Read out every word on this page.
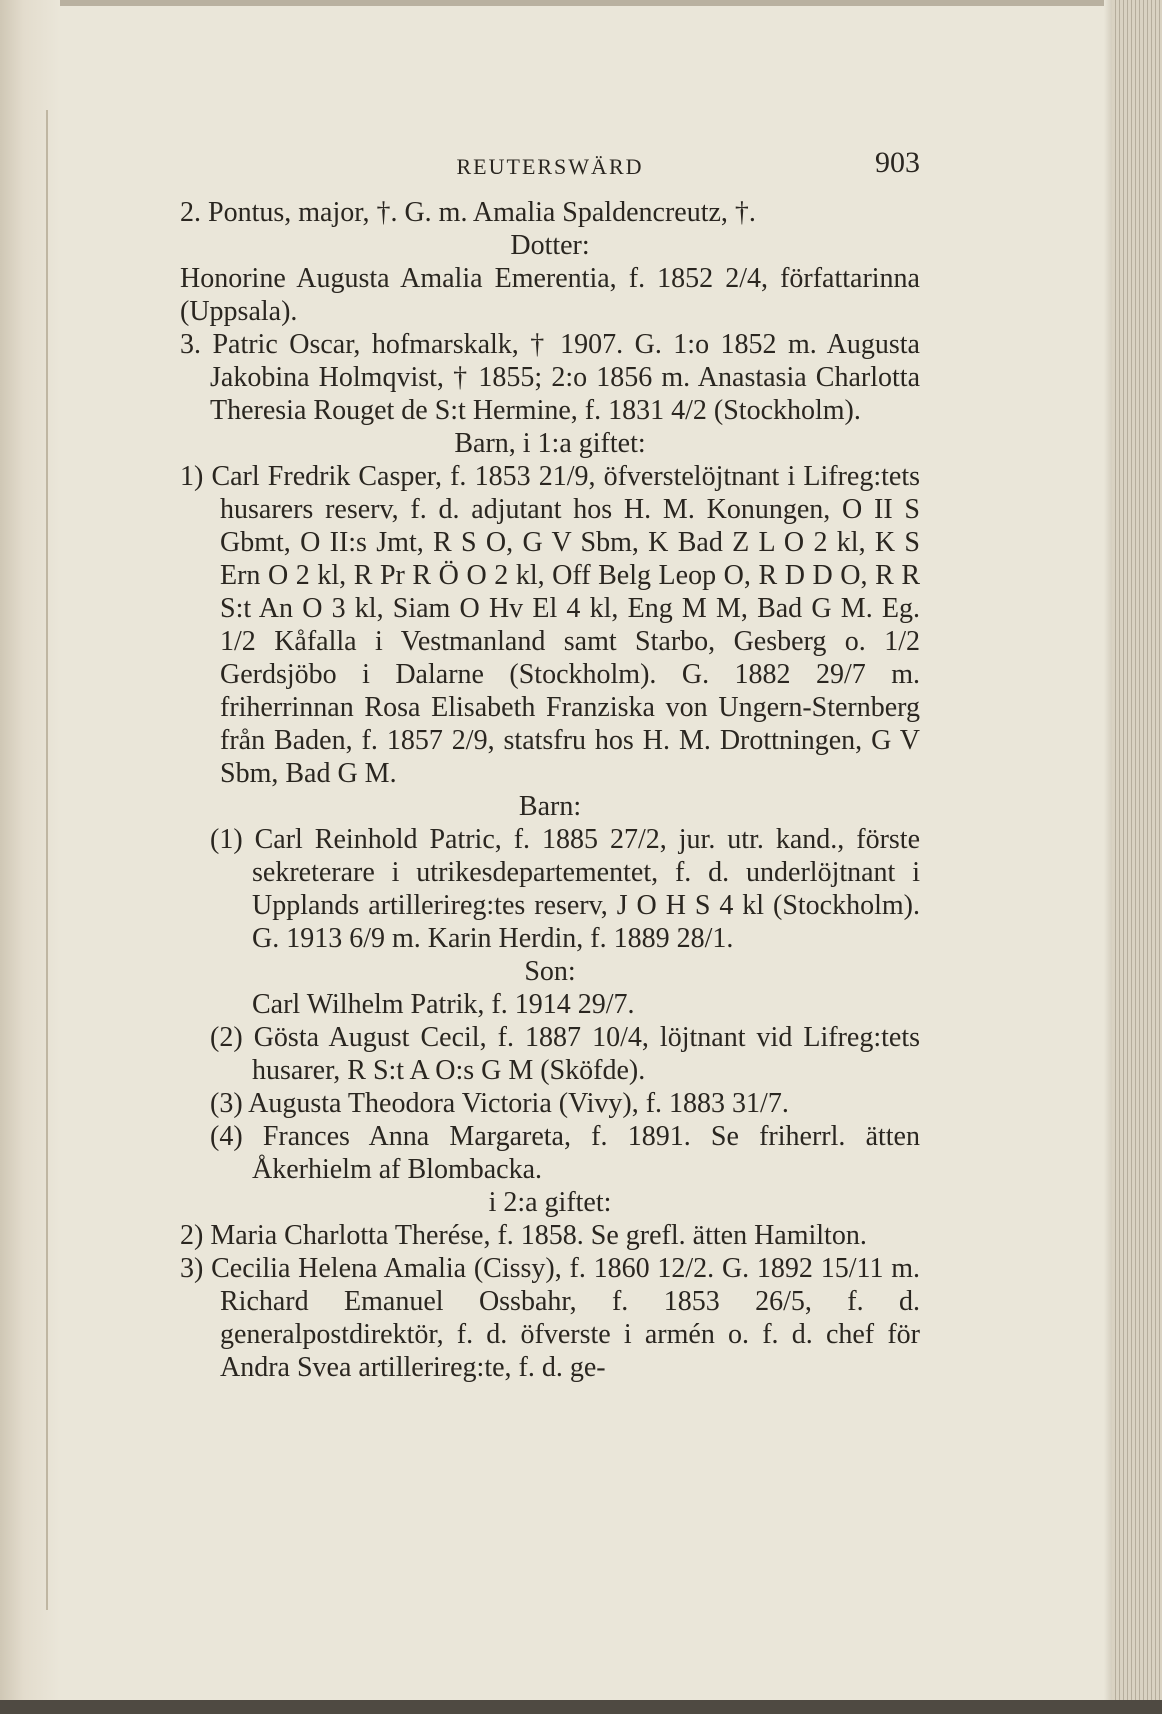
REUTERSWÄRD	903
2. Pontus, major, †. G. m. Amalia Spaldencreutz, †.
Dotter:
Honorine Augusta Amalia Emerentia, f. 1852 2/4, författarinna (Uppsala).
3. Patric Oscar, hofmarskalk, † 1907. G. 1:o 1852 m. Augusta Jakobina Holmqvist, † 1855; 2:o 1856 m. Anastasia Charlotta Theresia Rouget de S:t Hermine, f. 1831 4/2 (Stockholm).
Barn, i 1:a giftet:
1) Carl Fredrik Casper, f. 1853 21/9, öfverstelöjtnant i Lifreg:tets husarers reserv, f. d. adjutant hos H. M. Konungen, O II S Gbmt, O II:s Jmt, R S O, G V Sbm, K Bad Z L O 2 kl, K S Ern O 2 kl, R Pr R Ö O 2 kl, Off Belg Leop O, R D D O, R R S:t An O 3 kl, Siam O Hv El 4 kl, Eng M M, Bad G M. Eg. 1/2 Kåfalla i Vestmanland samt Starbo, Gesberg o. 1/2 Gerdsjöbo i Dalarne (Stockholm). G. 1882 29/7 m. friherrinnan Rosa Elisabeth Franziska von Ungern-Sternberg från Baden, f. 1857 2/9, statsfru hos H. M. Drottningen, G V Sbm, Bad G M.
Barn:
(1) Carl Reinhold Patric, f. 1885 27/2, jur. utr. kand., förste sekreterare i utrikesdepartementet, f. d. underlöjtnant i Upplands artillerireg:tes reserv, J O H S 4 kl (Stockholm). G. 1913 6/9 m. Karin Herdin, f. 1889 28/1.
Son:
Carl Wilhelm Patrik, f. 1914 29/7.
(2) Gösta August Cecil, f. 1887 10/4, löjtnant vid Lifreg:tets husarer, R S:t A O:s G M (Sköfde).
(3) Augusta Theodora Victoria (Vivy), f. 1883 31/7.
(4) Frances Anna Margareta, f. 1891. Se friherrl. ätten Åkerhielm af Blombacka.
i 2:a giftet:
2) Maria Charlotta Therése, f. 1858. Se grefl. ätten Hamilton.
3) Cecilia Helena Amalia (Cissy), f. 1860 12/2. G. 1892 15/11 m. Richard Emanuel Ossbahr, f. 1853 26/5, f. d. generalpostdirektör, f. d. öfverste i armén o. f. d. chef för Andra Svea artillerireg:te, f. d. ge-
